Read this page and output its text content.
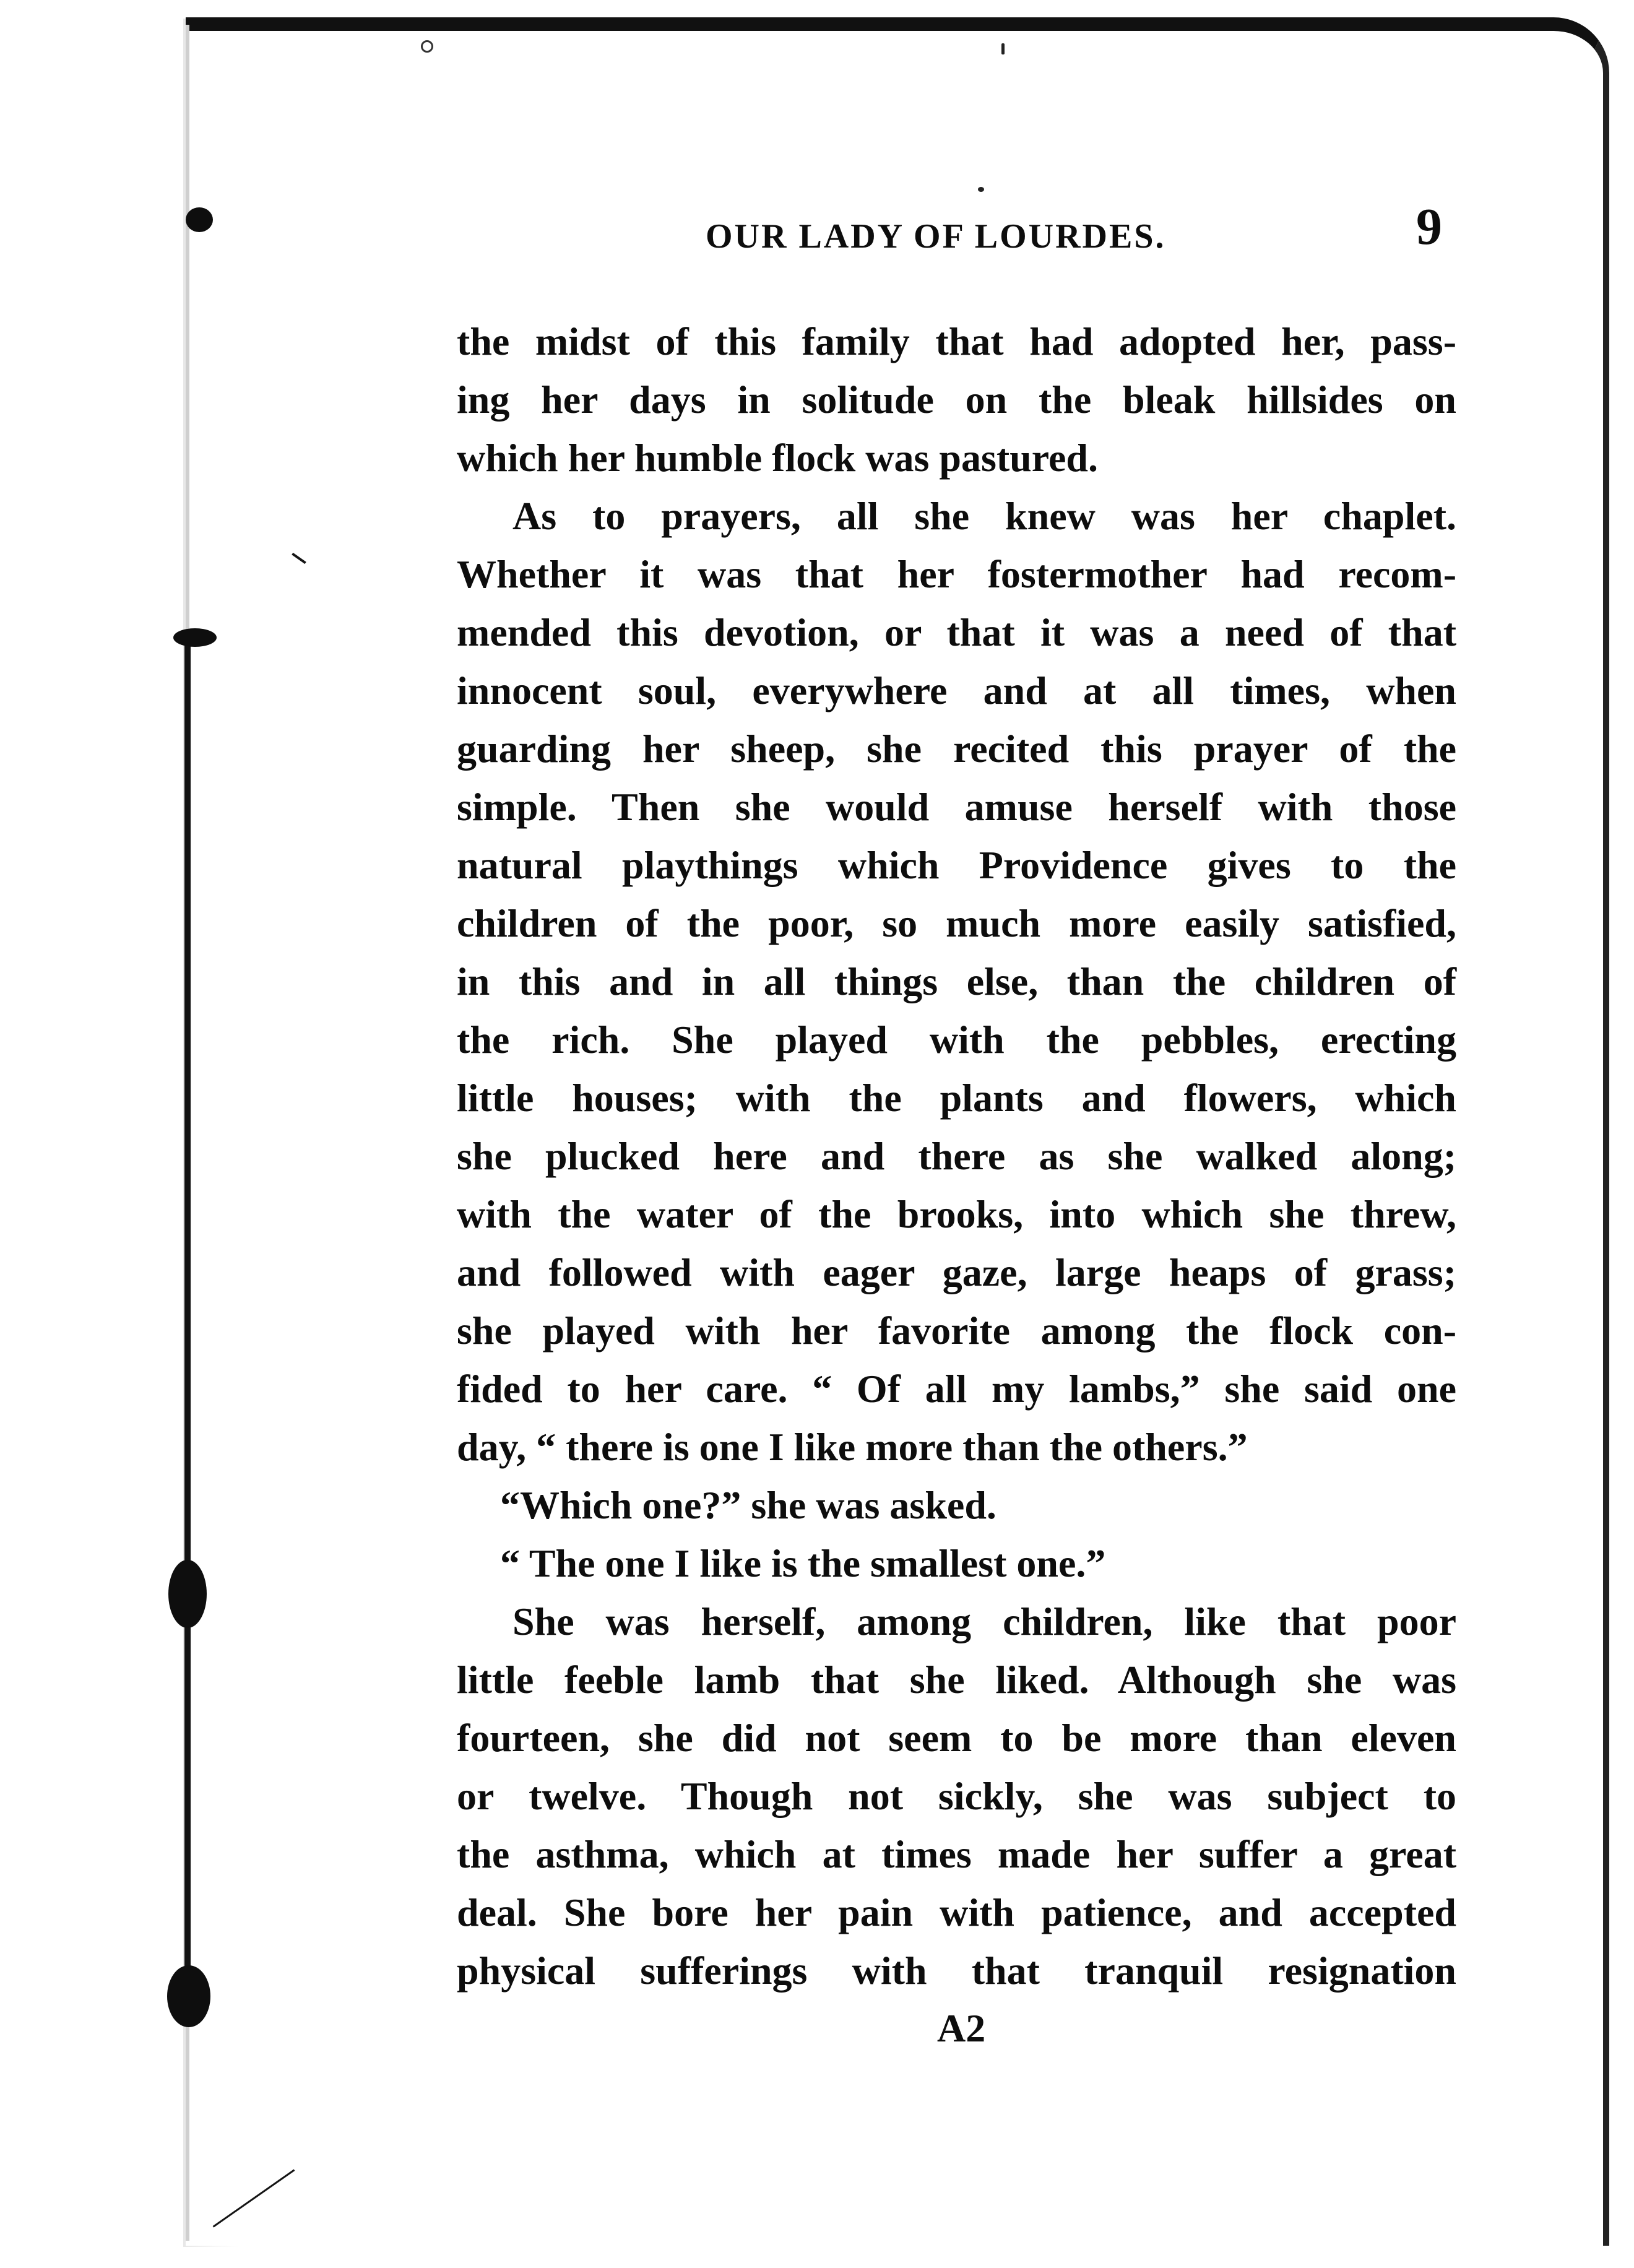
OUR LADY OF LOURDES.	9
the midst of this family that had adopted her, pass-
ing her days in solitude on the bleak hillsides on
which her humble flock was pastured.
As to prayers, all she knew was her chaplet.
Whether it was that her fostermother had recom-
mended this devotion, or that it was a need of that
innocent soul, everywhere and at all times, when
guarding her sheep, she recited this prayer of the
simple. Then she would amuse herself with those
natural playthings which Providence gives to the
children of the poor, so much more easily satisfied,
in this and in all things else, than the children of
the rich. She played with the pebbles, erecting
little houses; with the plants and flowers, which
she plucked here and there as she walked along;
with the water of the brooks, into which she threw,
and followed with eager gaze, large heaps of grass;
she played with her favorite among the flock con-
fided to her care. “ Of all my lambs,” she said one
day, “ there is one I like more than the others.”
“Which one?” she was asked.
“ The one I like is the smallest one.”
She was herself, among children, like that poor
little feeble lamb that she liked. Although she was
fourteen, she did not seem to be more than eleven
or twelve. Though not sickly, she was subject to
the asthma, which at times made her suffer a great
deal. She bore her pain with patience, and accepted
physical sufferings with that tranquil resignation
A2
